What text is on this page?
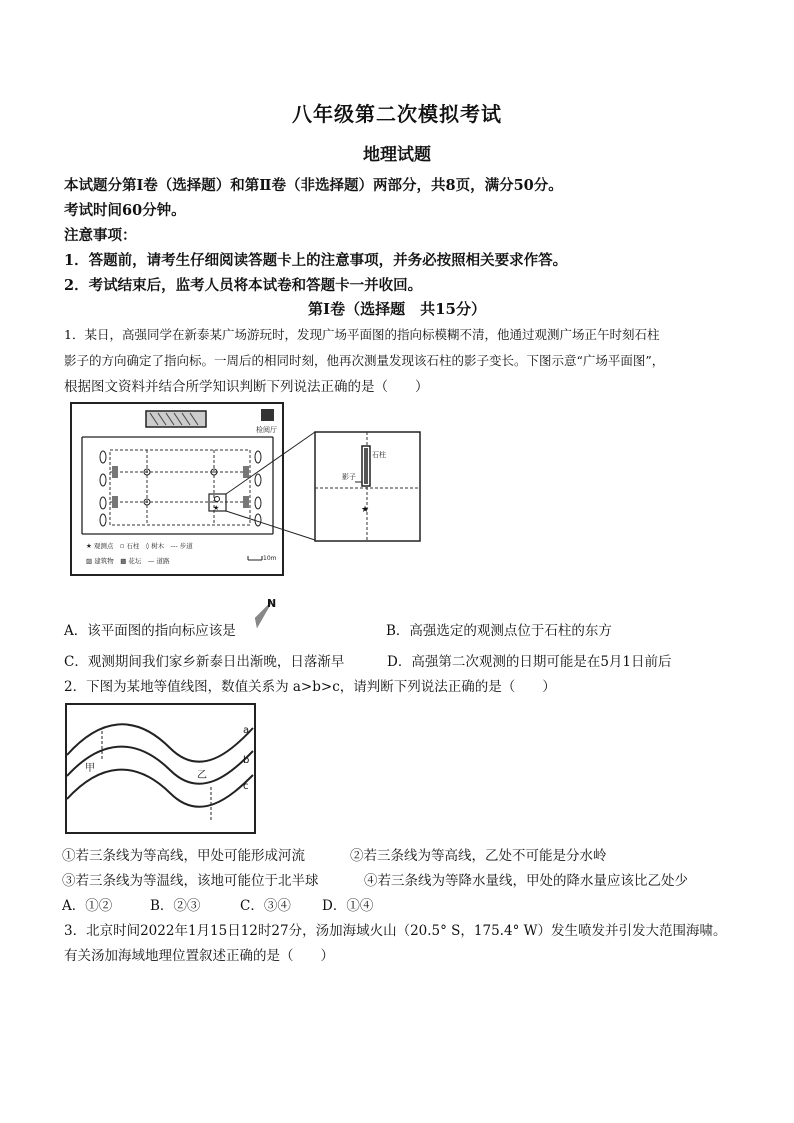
八年级第二次模拟考试
地理试题
本试题分第Ⅰ卷（选择题）和第Ⅱ卷（非选择题）两部分，共8页，满分50分。
考试时间60分钟。
注意事项：
1．答题前，请考生仔细阅读答题卡上的注意事项，并务必按照相关要求作答。
2．考试结束后，监考人员将本试卷和答题卡一并收回。
第Ⅰ卷（选择题　共15分）
1．某日，高强同学在新泰某广场游玩时，发现广场平面图的指向标模糊不清，他通过观测广场正午时刻石柱
影子的方向确定了指向标。一周后的相同时刻，他再次测量发现该石柱的影子变长。下图示意“广场平面图”，
根据图文资料并结合所学知识判断下列说法正确的是（　　）
检阅厅
★
石柱
影子
★
★ 观测点　▫ 石柱　◊ 树木　--- 步道
▨ 建筑物　▩ 花坛　— 道路	10m
A．该平面图的指向标应该是
N
B．高强选定的观测点位于石柱的东方
C．观测期间我们家乡新泰日出渐晚，日落渐早	D．高强第二次观测的日期可能是在5月1日前后
2．下图为某地等值线图，数值关系为 a>b>c，请判断下列说法正确的是（　　）
甲
乙
a
b
c
①若三条线为等高线，甲处可能形成河流	②若三条线为等高线，乙处不可能是分水岭
③若三条线为等温线，该地可能位于北半球	④若三条线为等降水量线，甲处的降水量应该比乙处少
A．①②	B．②③	C．③④ D．①④
3．北京时间2022年1月15日12时27分，汤加海域火山（20.5° S，175.4° W）发生喷发并引发大范围海啸。
有关汤加海域地理位置叙述正确的是（　　）
